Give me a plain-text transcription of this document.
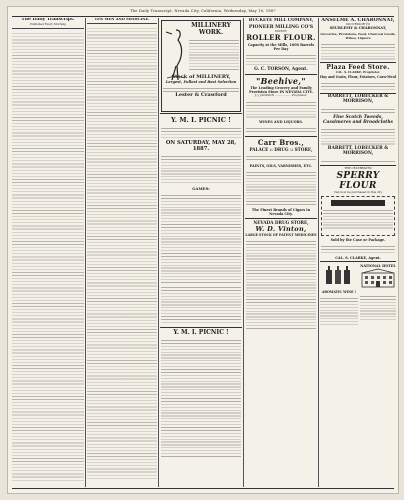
The Daily Transcript, Nevada City, California, Wednesday, May 18, 1887
The Daily Transcript.
Published Every Morning
TEN MEN AND MEDICINE.
MILLINERY WORK.
Stock of MILLINERY,
Largest, Fullest and Best Selection
Lester & Crawford
Y. M. I. PICNIC !
ON SATURDAY, MAY 28, 1887.
GAMES:
Y. M. I. PICNIC !
BUCKEYE MILL COMPANY,
PIONEER MILLING CO'S
PATENT
ROLLER FLOUR.
Capacity at the Mills, 1000 Barrels Per Day
G. C. TORSON, Agent.
"Beehive,"
The Leading Grocery and Family Provision Store IN NEVADA CITY.
J. J. JACKSON .................. Proprietor.
WINES AND LIQUORS.
Carr Bros.,
PALACE :: DRUG :: STORE,
PAINTS, OILS, VARNISHES, ETC.
The Finest Brands of Cigars in Nevada City.
NEVADA DRUG STORE,
W. D. Vinton,
LARGE STOCK OF PATENT MEDICINES
ANSELME A. CHARONNAT,
SUCCESSOR TO
SEURLEMY & CHARONNAT,
Groceries, Provisions, Feed, Charcoal Goods, Wines, Liquors
Plaza Feed Store.
CAL. S. CLARKE, Proprietor.
Hay and Grain, Flour, Potatoes, Corn-Meal
BARRETT, LOBECKER & MORRISON,
Fine Scotch Tweeds, Cassimeres and Broadcloths
BARRETT, LOBECKER & MORRISON,
THE CELEBRATED
SPERRY FLOUR
Can now be purchased in this city

Sold by the Case or Package.
CAL. S. CLARKE, Agent.
AROMATIC WINE !
NATIONAL HOTEL
